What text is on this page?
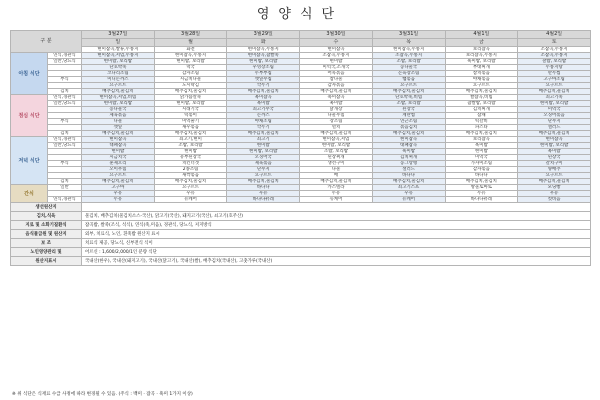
영양식단
구 분		3월27일	3월28일	3월29일	3월30일	3월31일	4월1일	4월2일
		일	월	화	수	목	금	토
		현미잡곡,쌀류,누룽지	화전	현미잡곡,누룽지	현미잡곡	현미잡곡,누룽지	보리잡곡	조잡곡,누룽지
아침 식단	연식,경관식	현미잡곡,저염,누룽지	현미잡곡,누룽지	현미잡곡,찹쌀죽	조잡곡,누룽지	조잡곡,누룽지	보리잡곡,누룽지	조잡곡,누룽지
	일반,당뇨식	현미밥, 보리밥	현미밥, 보리밥	현미밥, 보리밥	현미밥	조밥, 보리밥	흑미밥, 보리밥	찰밥, 보리밥
		단호박죽	떡국	우엉장조림	미역국,조개국	콩나물국	부대찌개	누룽지탕
		코다리조림	감자조림	두부부침	어묵볶음	돈육장조림	참치볶음	만두찜
	부식	미니돈까스	시금치나물	깻잎무침	참나물	햄볶음	야채볶음	고구마조림
		요구르트	도시락김	깍두기	감자볶음	요구르트	요구르트	요구르트
	김치	배추김치,물김치	배추김치,물김치	배추김치,물김치	배추김치,물김치	배추김치,물김치	배추김치,물김치	배추김치,물김치
점심 식단	연식,경관식	현미잡곡,저염,비빔	닭가슴살죽	흑미잡곡	흑미잡곡	단호박죽,비빔	쌀잡곡,비빔	쇠고기죽
	일반,당뇨식	현미밥, 보리밥	현미밥, 보리밥	흑미밥	흑미밥	조밥, 보리밥	찹쌀밥, 보리밥	현미밥, 보리밥
		콩나물국	시래기국	쇠고기무국	닭개장	된장국	김치찌개	미역국
		제육볶음	떡볶이	돈까스	나물무침	계란찜	잡채	오징어볶음
	부식	나물	미역줄기	야채조림	장조림	연근조림	떡갈비	단무지
		깻잎	새우볶음	깍두기	멸치	볶음김치	파스타	샐러드
	김치	배추김치,물김치	배추김치,물김치	배추김치,물김치	배추김치,물김치	배추김치,물김치	배추김치,물김치	배추김치,물김치
저녁 식단	연식,경관식	현미잡곡	쇠고기,현미	쇠고기	현미잡곡,저염	현미잡곡	보리잡곡	현미잡곡
	일반,당뇨식	대패잡곡	조밥, 보리밥	현미밥	현미밥, 보리밥	대패잡곡	흑미밥	현미밥, 보리밥
		현미밥	현미밥	현미밥, 보리밥	조밥, 보리밥	흑미밥	현미밥	흑미밥
		시금치국	유부된장국	오징어국	된장찌개	김치찌개	미역국	된장국
	부식	훈제오리	치킨너겟	제육볶음	생선구이	동그랑땡	가자미조림	갈치구이
		오이무침	2종조림	단무지	나물	샐러드	감자볶음	양배추
		요구르트	새싹볶음	요구르트	배	바나나	바나나	요구르트
	김치	배추김치,물김치	배추김치,물김치	배추김치,물김치	배추김치,물김치	배추김치,물김치	배추김치,물김치	배추김치,물김치
간식	일반	고구마	요구르트	바나나	카스텔라	쇠고기스프	방울토마토	모닝빵
		우유	우유	우유	두유	우유	두유	우유
	연식,경관식	두유	뉴케어	바나나퓨레	뉴케어	뉴케어	바나나퓨레	컷비음
생선원산지								
김치,식육		물김치, 배추김치(물김치소스-국산), 닭고기(국산), 돼지고기(국산), 쇠고기(호주산)						
지로 및 소화기질환식		잡곡밥, 쌀죽(조식, 석식), 연식(죽,미음), 경관식, 당뇨식, 저지방식						
음식물급원 및 원산지		외부, 치료식, 노인, 흰죽밥 원산지 표시						
보 조		치료식 제공, 당뇨식, 신부전식 식이						
노인영양관리 및		어르신 : 1,600/2,000/1인 분량 식단						
원산지표시		국내산(한우), 국내산(돼지고기), 국내산(닭고기), 국내산(쌀), 배추김치(국내산), 고춧가루(국내산)						
※ 위 식단은 식재료 수급 사정에 따라 변경될 수 있음. (주식 : 백미 · 잡곡 · 흑미 1가지 이상)
